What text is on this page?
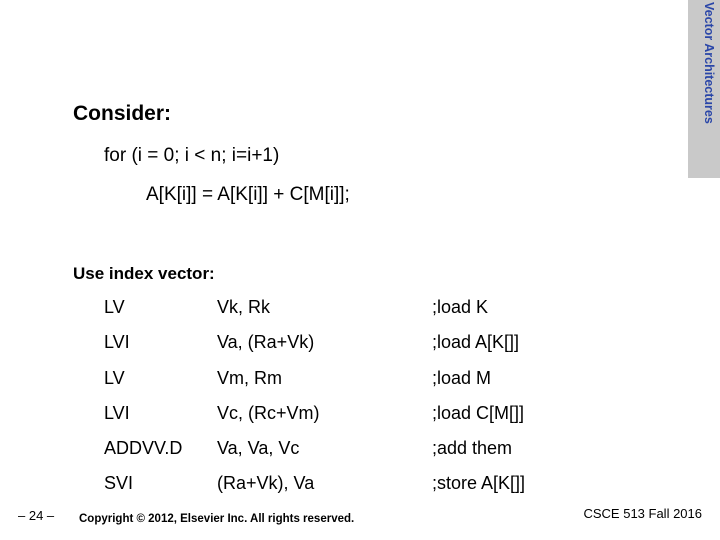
Vector Architectures
Consider:
for (i = 0; i < n; i=i+1)
A[K[i]] = A[K[i]] + C[M[i]];
Use index vector:
LV	Vk, Rk	;load K
LVI	Va, (Ra+Vk)	;load A[K[]]
LV	Vm, Rm	;load M
LVI	Vc, (Rc+Vm)	;load C[M[]]
ADDVV.D Va, Va, Vc	;add them
SVI	(Ra+Vk), Va	;store A[K[]]
– 24 – Copyright © 2012, Elsevier Inc. All rights reserved.	CSCE 513 Fall 2016
